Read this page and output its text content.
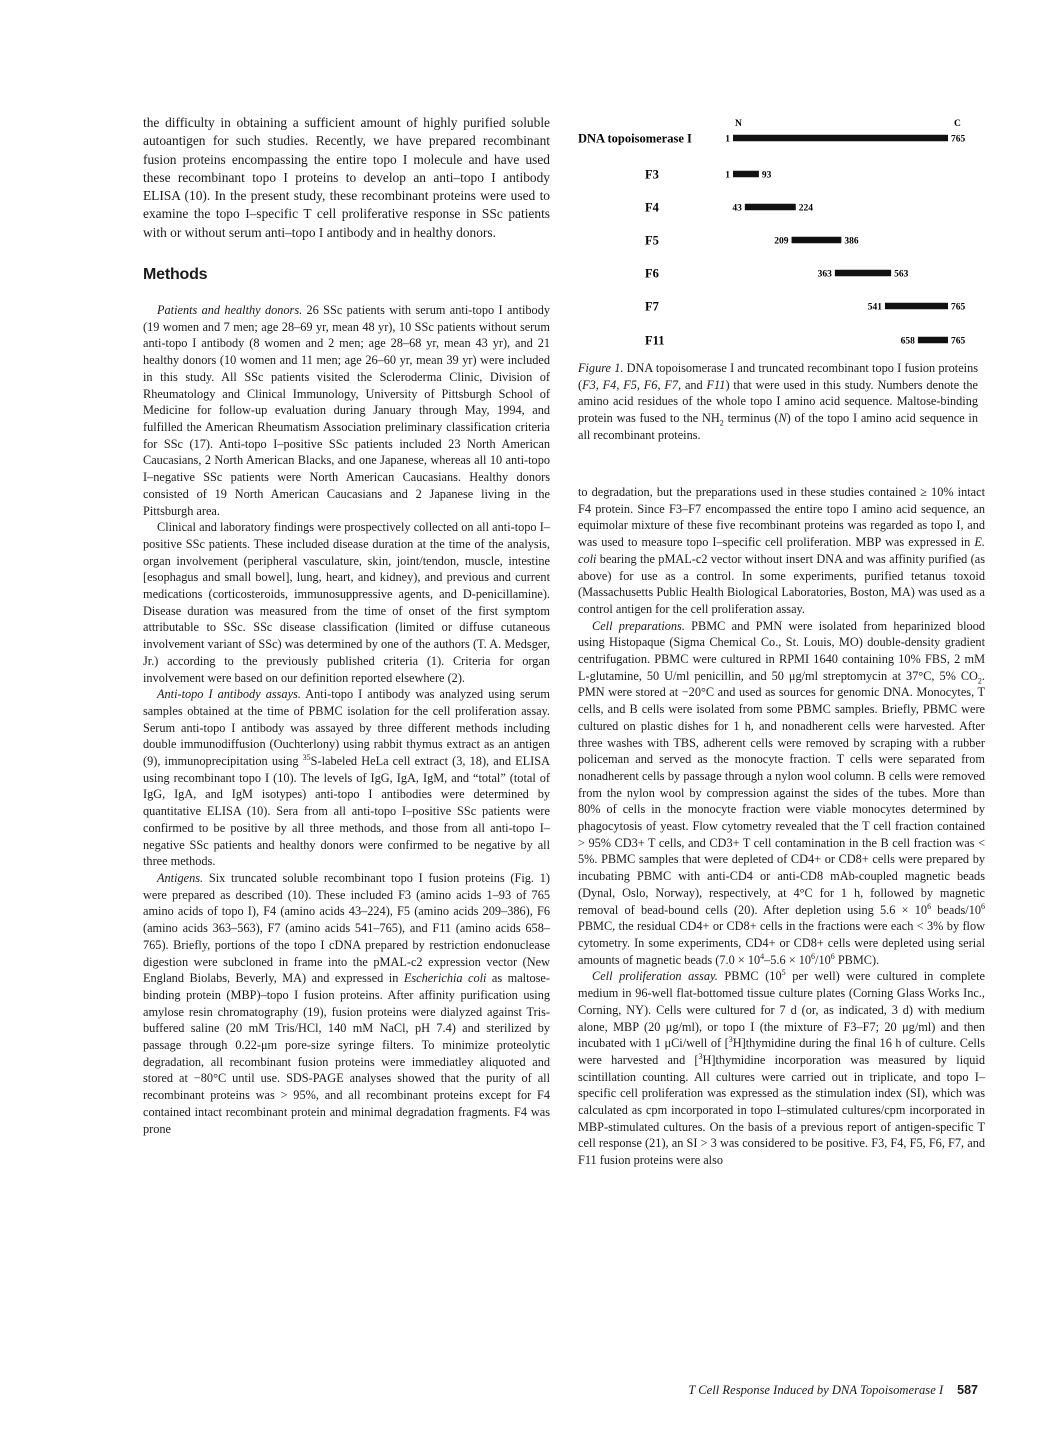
the difficulty in obtaining a sufficient amount of highly purified soluble autoantigen for such studies. Recently, we have prepared recombinant fusion proteins encompassing the entire topo I molecule and have used these recombinant topo I proteins to develop an anti–topo I antibody ELISA (10). In the present study, these recombinant proteins were used to examine the topo I–specific T cell proliferative response in SSc patients with or without serum anti–topo I antibody and in healthy donors.

Methods

Patients and healthy donors. 26 SSc patients with serum anti-topo I antibody (19 women and 7 men; age 28–69 yr, mean 48 yr), 10 SSc patients without serum anti-topo I antibody (8 women and 2 men; age 28–68 yr, mean 43 yr), and 21 healthy donors (10 women and 11 men; age 26–60 yr, mean 39 yr) were included in this study. All SSc patients visited the Scleroderma Clinic, Division of Rheumatology and Clinical Immunology, University of Pittsburgh School of Medicine for follow-up evaluation during January through May, 1994, and fulfilled the American Rheumatism Association preliminary classification criteria for SSc (17). Anti-topo I–positive SSc patients included 23 North American Caucasians, 2 North American Blacks, and one Japanese, whereas all 10 anti-topo I–negative SSc patients were North American Caucasians. Healthy donors consisted of 19 North American Caucasians and 2 Japanese living in the Pittsburgh area.

Clinical and laboratory findings were prospectively collected on all anti-topo I–positive SSc patients. These included disease duration at the time of the analysis, organ involvement (peripheral vasculature, skin, joint/tendon, muscle, intestine [esophagus and small bowel], lung, heart, and kidney), and previous and current medications (corticosteroids, immunosuppressive agents, and D-penicillamine). Disease duration was measured from the time of onset of the first symptom attributable to SSc. SSc disease classification (limited or diffuse cutaneous involvement variant of SSc) was determined by one of the authors (T. A. Medsger, Jr.) according to the previously published criteria (1). Criteria for organ involvement were based on our definition reported elsewhere (2).

Anti-topo I antibody assays. Anti-topo I antibody was analyzed using serum samples obtained at the time of PBMC isolation for the cell proliferation assay. Serum anti-topo I antibody was assayed by three different methods including double immunodiffusion (Ouchterlony) using rabbit thymus extract as an antigen (9), immunoprecipitation using $^{35}$S-labeled HeLa cell extract (3, 18), and ELISA using recombinant topo I (10). The levels of IgG, IgA, IgM, and “total” (total of IgG, IgA, and IgM isotypes) anti-topo I antibodies were determined by quantitative ELISA (10). Sera from all anti-topo I–positive SSc patients were confirmed to be positive by all three methods, and those from all anti-topo I–negative SSc patients and healthy donors were confirmed to be negative by all three methods.

Antigens. Six truncated soluble recombinant topo I fusion proteins (Fig. 1) were prepared as described (10). These included F3 (amino acids 1–93 of 765 amino acids of topo I), F4 (amino acids 43–224), F5 (amino acids 209–386), F6 (amino acids 363–563), F7 (amino acids 541–765), and F11 (amino acids 658–765). Briefly, portions of the topo I cDNA prepared by restriction endonuclease digestion were subcloned in frame into the pMAL-c2 expression vector (New England Biolabs, Beverly, MA) and expressed in Escherichia coli as maltose-binding protein (MBP)–topo I fusion proteins. After affinity purification using amylose resin chromatography (19), fusion proteins were dialyzed against Tris-buffered saline (20 mM Tris/HCl, 140 mM NaCl, pH 7.4) and sterilized by passage through 0.22-μm pore-size syringe filters. To minimize proteolytic degradation, all recombinant fusion proteins were immediatley aliquoted and stored at −80°C until use. SDS-PAGE analyses showed that the purity of all recombinant proteins was > 95%, and all recombinant proteins except for F4 contained intact recombinant protein and minimal degradation fragments. F4 was prone

N	C
DNA topoisomerase I	1	765
F3	1	93
F4	43	224
F5	209	386
F6	363	563
F7	541	765
F11	658	765
Figure 1. DNA topoisomerase I and truncated recombinant topo I fusion proteins (F3, F4, F5, F6, F7, and F11) that were used in this study. Numbers denote the amino acid residues of the whole topo I amino acid sequence. Maltose-binding protein was fused to the $NH_2$ terminus (N) of the topo I amino acid sequence in all recombinant proteins.

to degradation, but the preparations used in these studies contained ≥ 10% intact F4 protein. Since F3–F7 encompassed the entire topo I amino acid sequence, an equimolar mixture of these five recombinant proteins was regarded as topo I, and was used to measure topo I–specific cell proliferation. MBP was expressed in E. coli bearing the pMAL-c2 vector without insert DNA and was affinity purified (as above) for use as a control. In some experiments, purified tetanus toxoid (Massachusetts Public Health Biological Laboratories, Boston, MA) was used as a control antigen for the cell proliferation assay.

Cell preparations. PBMC and PMN were isolated from heparinized blood using Histopaque (Sigma Chemical Co., St. Louis, MO) double-density gradient centrifugation. PBMC were cultured in RPMI 1640 containing 10% FBS, 2 mM L-glutamine, 50 U/ml penicillin, and 50 μg/ml streptomycin at 37°C, 5% $CO_2$. PMN were stored at −20°C and used as sources for genomic DNA. Monocytes, T cells, and B cells were isolated from some PBMC samples. Briefly, PBMC were cultured on plastic dishes for 1 h, and nonadherent cells were harvested. After three washes with TBS, adherent cells were removed by scraping with a rubber policeman and served as the monocyte fraction. T cells were separated from nonadherent cells by passage through a nylon wool column. B cells were removed from the nylon wool by compression against the sides of the tubes. More than 80% of cells in the monocyte fraction were viable monocytes determined by phagocytosis of yeast. Flow cytometry revealed that the T cell fraction contained > 95% CD3+ T cells, and CD3+ T cell contamination in the B cell fraction was < 5%. PBMC samples that were depleted of CD4+ or CD8+ cells were prepared by incubating PBMC with anti-CD4 or anti-CD8 mAb-coupled magnetic beads (Dynal, Oslo, Norway), respectively, at 4°C for 1 h, followed by magnetic removal of bead-bound cells (20). After depletion using $5.6 \times 10^6$ beads/$10^6$ PBMC, the residual CD4+ or CD8+ cells in the fractions were each < 3% by flow cytometry. In some experiments, CD4+ or CD8+ cells were depleted using serial amounts of magnetic beads ($7.0 \times 10^4-5.6 \times 10^6/10^6$ PBMC).

Cell proliferation assay. PBMC ($10^5$ per well) were cultured in complete medium in 96-well flat-bottomed tissue culture plates (Corning Glass Works Inc., Corning, NY). Cells were cultured for 7 d (or, as indicated, 3 d) with medium alone, MBP (20 μg/ml), or topo I (the mixture of F3–F7; 20 μg/ml) and then incubated with 1 μCi/well of [$^3$H]thymidine during the final 16 h of culture. Cells were harvested and [$^3$H]thymidine incorporation was measured by liquid scintillation counting. All cultures were carried out in triplicate, and topo I–specific cell proliferation was expressed as the stimulation index (SI), which was calculated as cpm incorporated in topo I–stimulated cultures/cpm incorporated in MBP-stimulated cultures. On the basis of a previous report of antigen-specific T cell response (21), an SI > 3 was considered to be positive. F3, F4, F5, F6, F7, and F11 fusion proteins were also

T Cell Response Induced by DNA Topoisomerase I 587
